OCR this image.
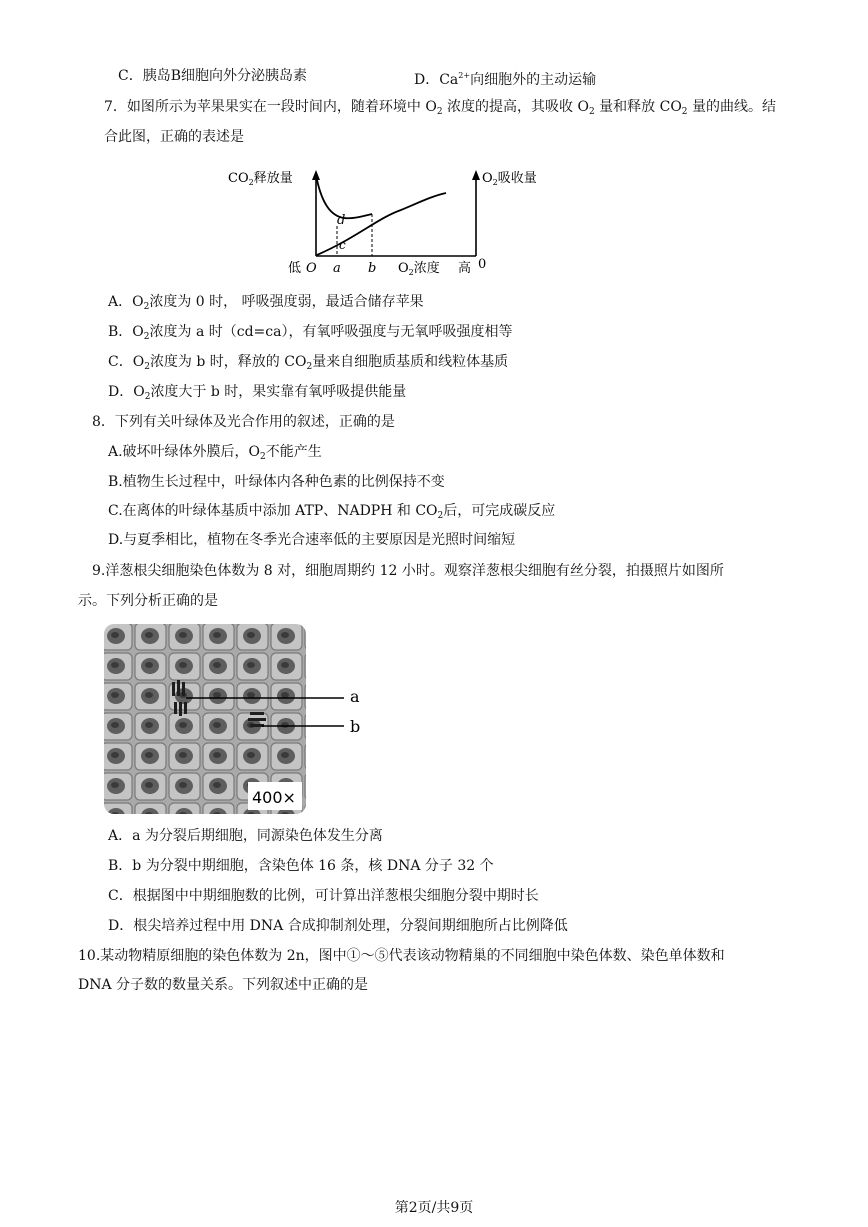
C．胰岛B细胞向外分泌胰岛素	D．$Ca^{2+}$向细胞外的主动运输
7．如图所示为苹果果实在一段时间内，随着环境中 $O_2$ 浓度的提高，其吸收 $O_2$ 量和释放 $CO_2$ 量的曲线。结
合此图，正确的表述是
$CO_2$释放量	$O_2$吸收量
d
c
低 O a b $O_2$浓度 高 0
A．$O_2$浓度为 0 时， 呼吸强度弱，最适合储存苹果
B．$O_2$浓度为 a 时（cd=ca），有氧呼吸强度与无氧呼吸强度相等
C．$O_2$浓度为 b 时，释放的 $CO_2$量来自细胞质基质和线粒体基质
D．$O_2$浓度大于 b 时，果实靠有氧呼吸提供能量
8．下列有关叶绿体及光合作用的叙述，正确的是
A.破坏叶绿体外膜后，$O_2$不能产生
B.植物生长过程中，叶绿体内各种色素的比例保持不变
C.在离体的叶绿体基质中添加 ATP、NADPH 和 $CO_2$后，可完成碳反应
D.与夏季相比，植物在冬季光合速率低的主要原因是光照时间缩短
9.洋葱根尖细胞染色体数为 8 对，细胞周期约 12 小时。观察洋葱根尖细胞有丝分裂，拍摄照片如图所
示。下列分析正确的是
a
b
400×
A．a 为分裂后期细胞，同源染色体发生分离
B．b 为分裂中期细胞，含染色体 16 条，核 DNA 分子 32 个
C．根据图中中期细胞数的比例，可计算出洋葱根尖细胞分裂中期时长
D．根尖培养过程中用 DNA 合成抑制剂处理，分裂间期细胞所占比例降低
10.某动物精原细胞的染色体数为 2n，图中①～⑤代表该动物精巢的不同细胞中染色体数、染色单体数和
DNA 分子数的数量关系。下列叙述中正确的是
第2页/共9页
